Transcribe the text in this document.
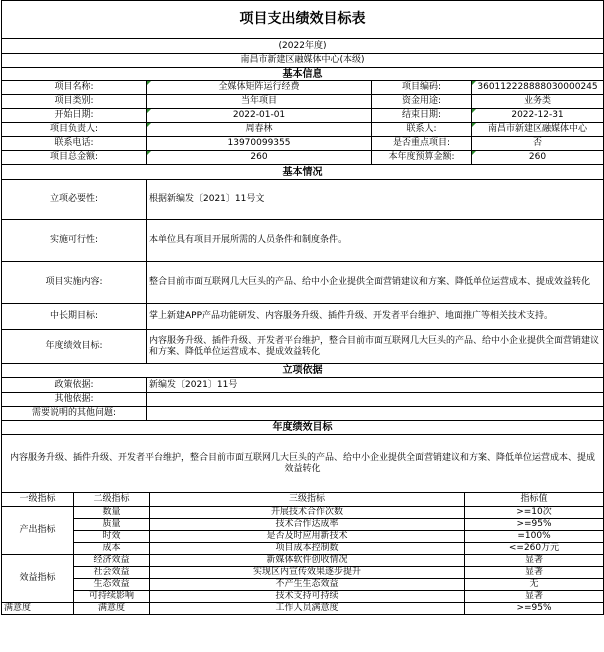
项目支出绩效目标表
(2022年度)
南昌市新建区融媒体中心(本级)
基本信息
项目名称:	全媒体矩阵运行经费	项目编码:	360112228888030000245
项目类别:	当年项目	资金用途:	业务类
开始日期:	2022-01-01	结束日期:	2022-12-31
项目负责人:	周春林	联系人:	南昌市新建区融媒体中心
联系电话:	13970099355	是否重点项目:	否
项目总金额:	260	本年度预算金额:	260
基本情况	
立项必要性:	根据新编发〔2021〕11号文
实施可行性:	本单位具有项目开展所需的人员条件和制度条件。
项目实施内容:	整合目前市面互联网几大巨头的产品、给中小企业提供全面营销建议和方案、降低单位运营成本、提成效益转化
中长期目标:	掌上新建APP产品功能研发、内容服务升级、插件升级、开发者平台维护、地面推广等相关技术支持。
年度绩效目标:	内容服务升级、插件升级、开发者平台维护，整合目前市面互联网几大巨头的产品、给中小企业提供全面营销建议和方案、降低单位运营成本、提成效益转化
立项依据	
政策依据:	新编发〔2021〕11号
其他依据:	
需要说明的其他问题:	
年度绩效目标	
内容服务升级、插件升级、开发者平台维护，整合目前市面互联网几大巨头的产品、给中小企业提供全面营销建议和方案、降低单位运营成本、提成效益转化	
一级指标	二级指标	三级指标	指标值
产出指标	数量	开展技术合作次数	>=10次
	质量	技术合作达成率	>=95%
	时效	是否及时应用新技术	=100%
	成本	项目成本控制数	<=260万元
效益指标	经济效益	新媒体软件创收情况	显著
	社会效益	实现区内宣传效果逐步提升	显著
	生态效益	不产生生态效益	无
	可持续影响	技术支持可持续	显著
满意度	满意度	工作人员满意度	>=95%
